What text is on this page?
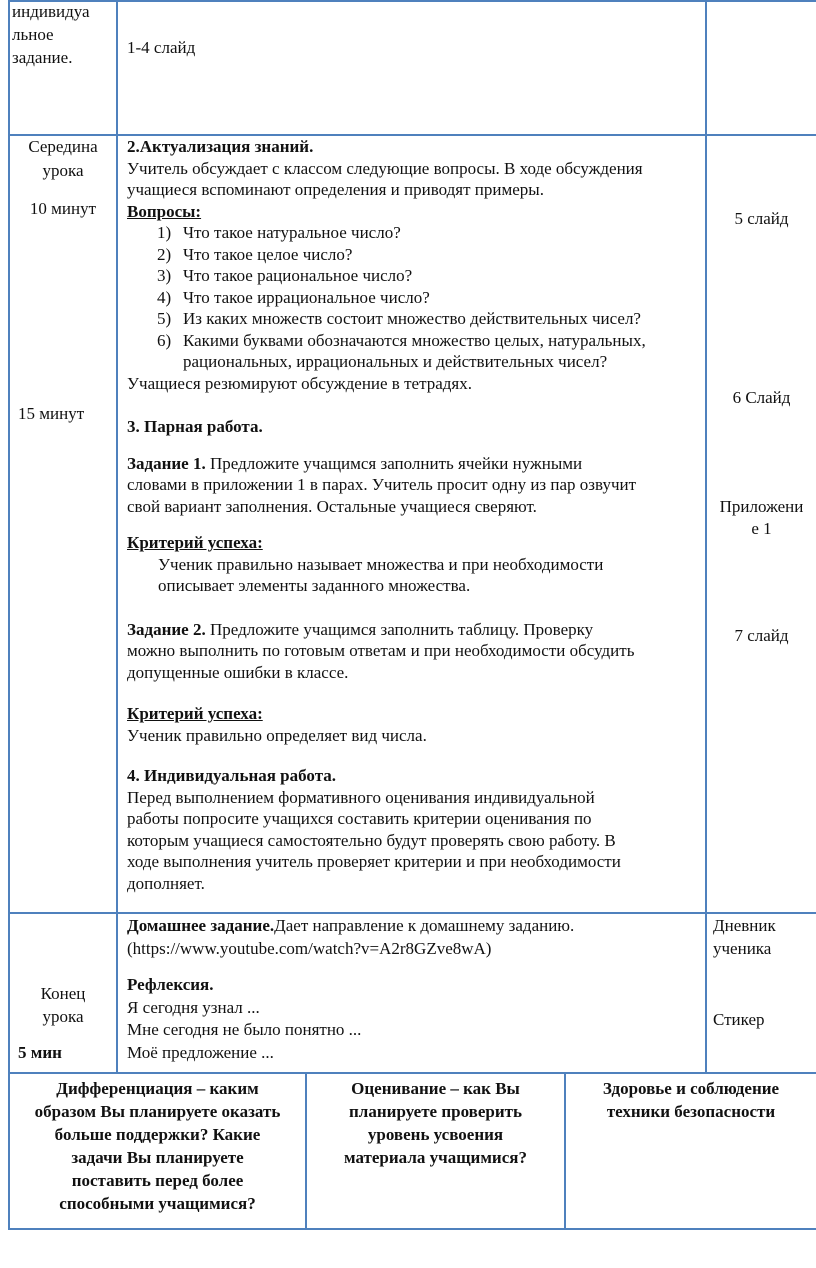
индивидуа
льное
задание.
1-4 слайд
Середина
урока
10 минут
15 минут

2.Актуализация знаний.

Учитель обсуждает с классом следующие вопросы. В ходе обсуждения

учащиеся вспоминают определения и приводят примеры.

Вопросы:

1) Что такое натуральное число?

2) Что такое целое число?

3) Что такое рациональное число?

4) Что такое иррациональное число?

5) Из каких множеств состоит множество действительных чисел?

6) Какими буквами обозначаются множество целых, натуральных,

рациональных, иррациональных и действительных чисел?

Учащиеся резюмируют обсуждение в тетрадях.

3. Парная работа.

Задание 1. Предложите учащимся заполнить ячейки нужными

словами в приложении 1 в парах. Учитель просит одну из пар озвучит

свой вариант заполнения. Остальные учащиеся сверяют.

Критерий успеха:

Ученик правильно называет множества и при необходимости

описывает элементы заданного множества.

Задание 2. Предложите учащимся заполнить таблицу. Проверку

можно выполнить по готовым ответам и при необходимости обсудить

допущенные ошибки в классе.

Критерий успеха:

Ученик правильно определяет вид числа.

4. Индивидуальная работа.

Перед выполнением формативного оценивания индивидуальной

работы попросите учащихся составить критерии оценивания по

которым учащиеся самостоятельно будут проверять свою работу. В

ходе выполнения учитель проверяет критерии и при необходимости

дополняет.

5 слайд
6 Слайд
Приложени
е 1
7 слайд
Конец
урока
5 мин
Домашнее задание.Дает направление к домашнему заданию.
(https://www.youtube.com/watch?v=A2r8GZve8wA)
Рефлексия.
Я сегодня узнал ...
Мне сегодня не было понятно ...
Моё предложение ...
Дневник
ученика
Стикер
Дифференциация – каким
образом Вы планируете оказать
больше поддержки? Какие
задачи Вы планируете
поставить перед более
способными учащимися?
Оценивание – как Вы
планируете проверить
уровень усвоения
материала учащимися?
Здоровье и соблюдение
техники безопасности
